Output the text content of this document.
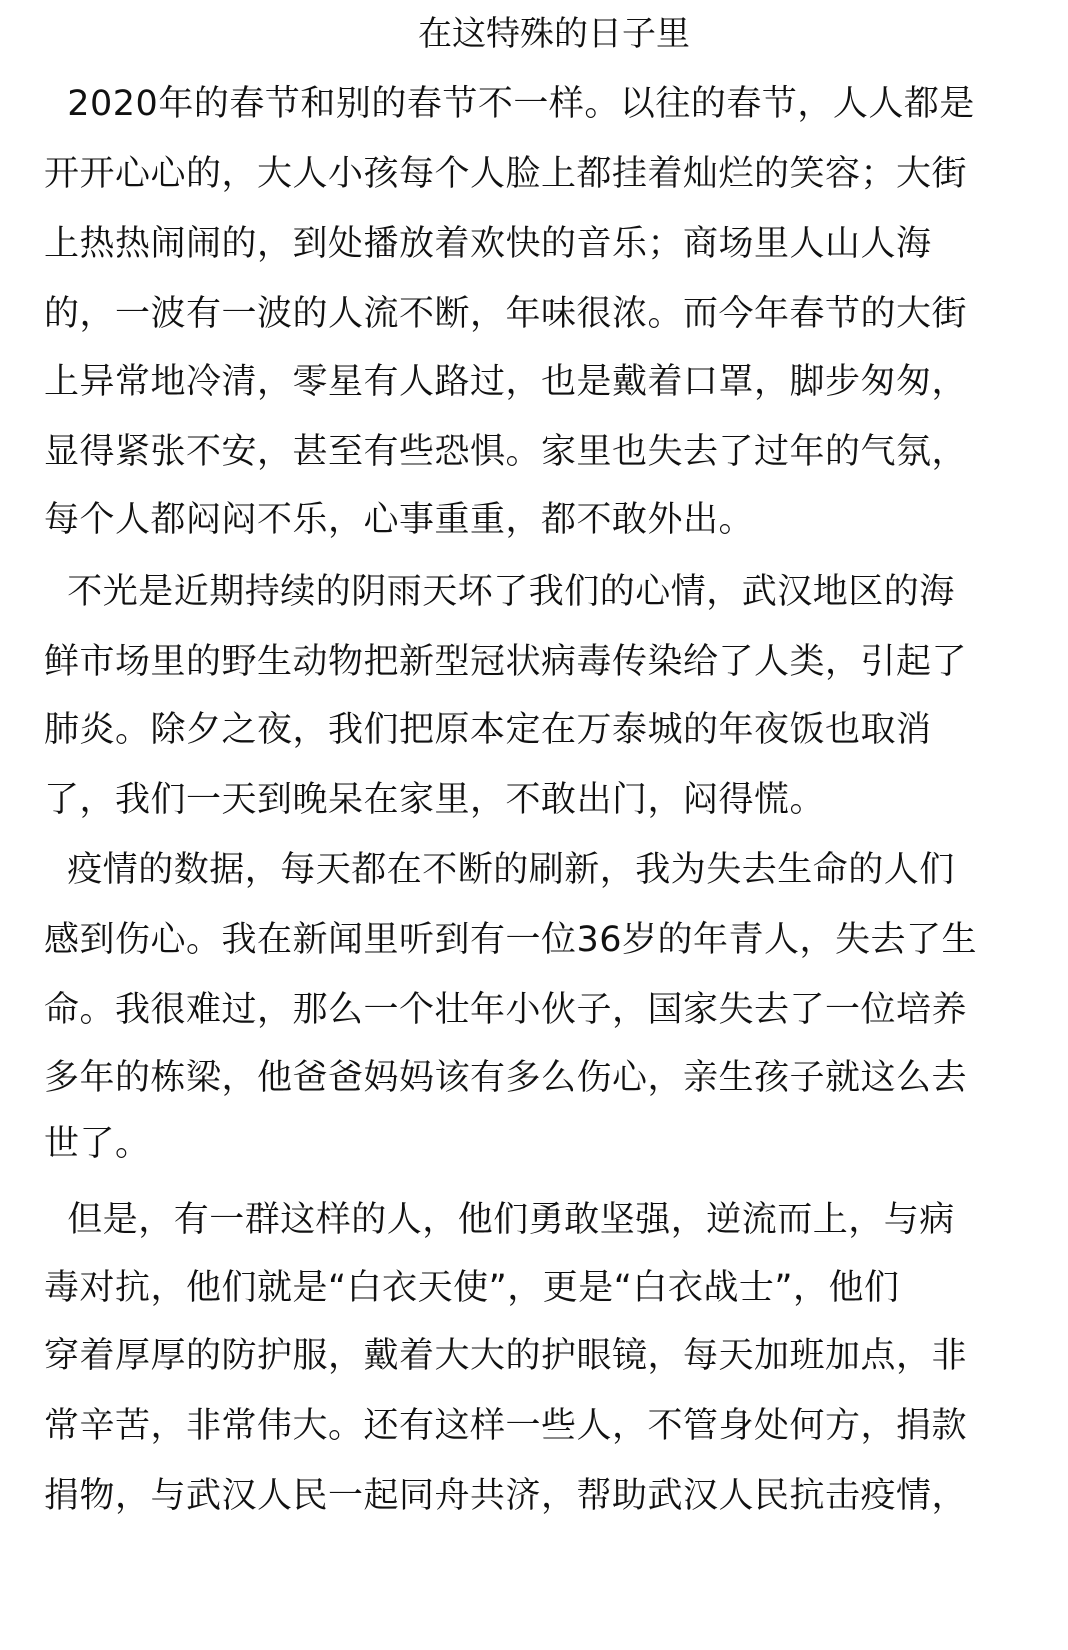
在这特殊的日子里
2020年的春节和别的春节不一样。以往的春节，人人都是
开开心心的，大人小孩每个人脸上都挂着灿烂的笑容；大街
上热热闹闹的，到处播放着欢快的音乐；商场里人山人海
的，一波有一波的人流不断，年味很浓。而今年春节的大街
上异常地冷清，零星有人路过，也是戴着口罩，脚步匆匆，
显得紧张不安，甚至有些恐惧。家里也失去了过年的气氛，
每个人都闷闷不乐，心事重重，都不敢外出。
不光是近期持续的阴雨天坏了我们的心情，武汉地区的海
鲜市场里的野生动物把新型冠状病毒传染给了人类，引起了
肺炎。除夕之夜，我们把原本定在万泰城的年夜饭也取消
了，我们一天到晚呆在家里，不敢出门，闷得慌。
疫情的数据，每天都在不断的刷新，我为失去生命的人们
感到伤心。我在新闻里听到有一位36岁的年青人，失去了生
命。我很难过，那么一个壮年小伙子，国家失去了一位培养
多年的栋梁，他爸爸妈妈该有多么伤心，亲生孩子就这么去
世了。
但是，有一群这样的人，他们勇敢坚强，逆流而上，与病
毒对抗，他们就是“白衣天使”，更是“白衣战士”，他们
穿着厚厚的防护服，戴着大大的护眼镜，每天加班加点，非
常辛苦，非常伟大。还有这样一些人，不管身处何方，捐款
捐物，与武汉人民一起同舟共济，帮助武汉人民抗击疫情，
